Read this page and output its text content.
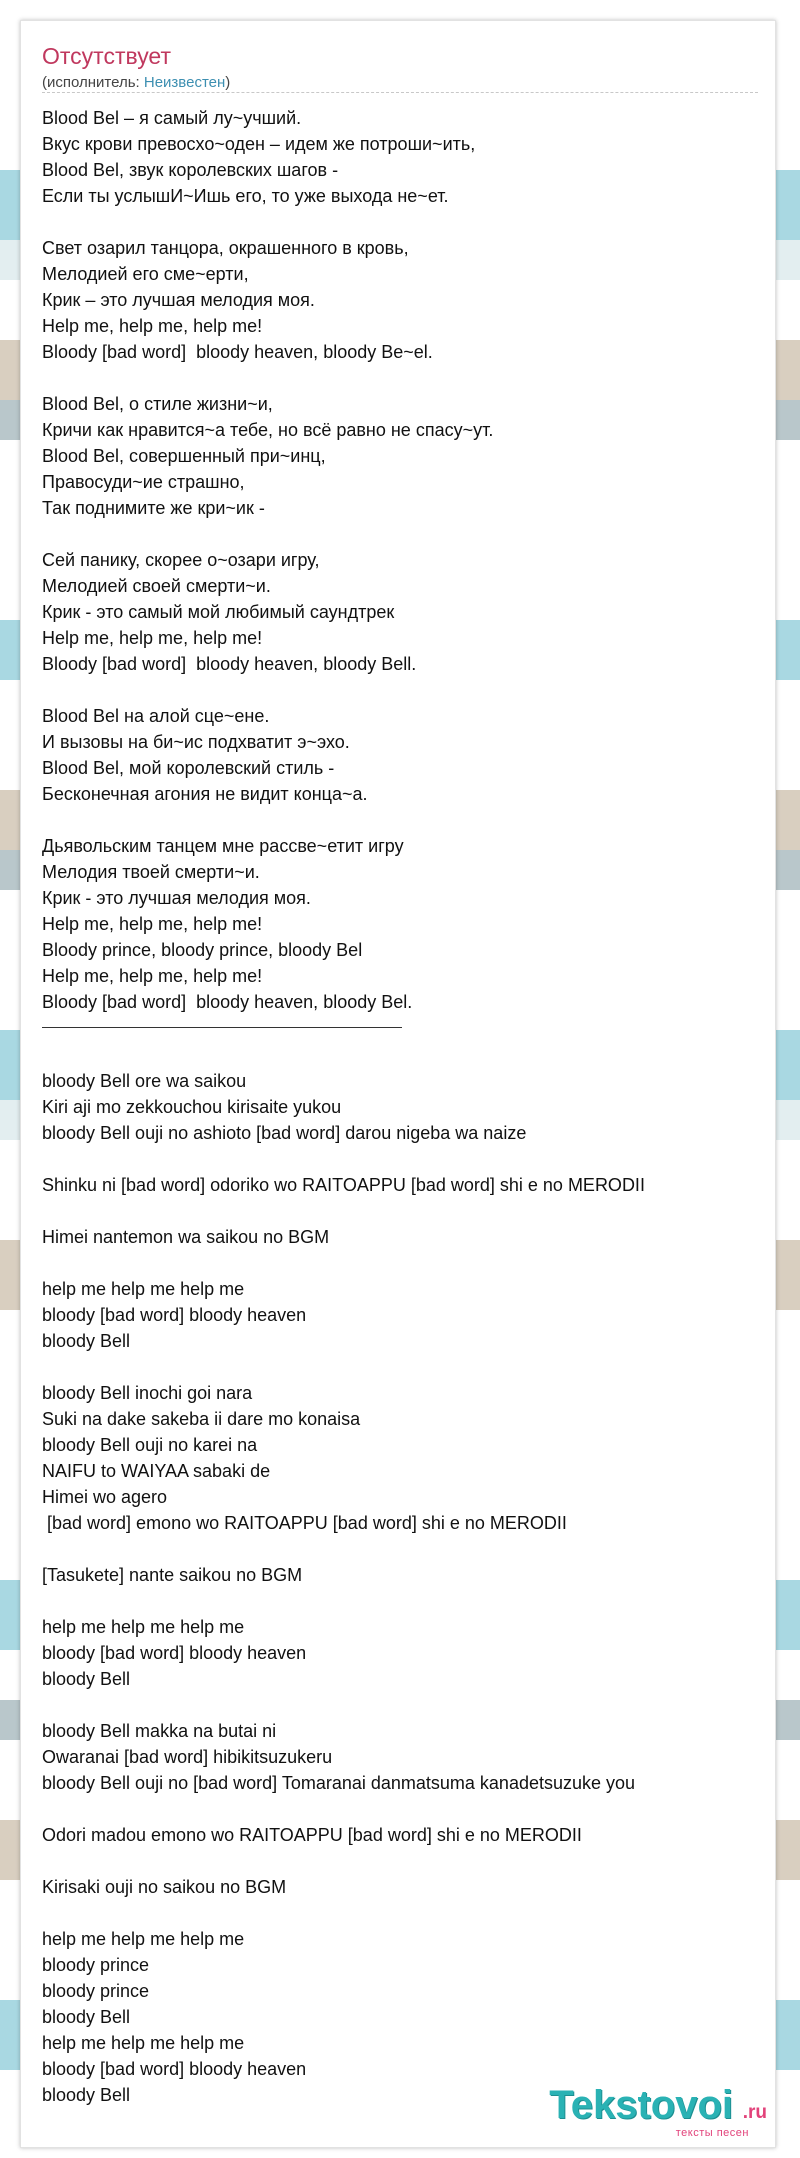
Отсутствует
(исполнитель: Неизвестен)
Blood Bel – я самый лу~учший.
Вкус крови превосхо~оден – идем же потроши~ить,
Blood Bel, звук королевских шагов -
Если ты услышИ~Ишь его, то уже выхода не~ет.
Свет озарил танцора, окрашенного в кровь,
Мелодией его сме~ерти,
Крик – это лучшая мелодия моя.
Help me, help me, help me!
Bloody [bad word]  bloody heaven, bloody Be~el.
Blood Bel, о стиле жизни~и,
Кричи как нравится~а тебе, но всё равно не спасу~ут.
Blood Bel, совершенный при~инц,
Правосуди~ие страшно,
Так поднимите же кри~ик -
Сей панику, скорее о~озари игру,
Мелодией своей смерти~и.
Крик - это самый мой любимый саундтрек
Help me, help me, help me!
Bloody [bad word]  bloody heaven, bloody Bell.
Blood Bel на алой сце~ене.
И вызовы на би~ис подхватит э~эхо.
Blood Bel, мой королевский стиль -
Бесконечная агония не видит конца~а.
Дьявольским танцем мне рассве~етит игру
Мелодия твоей смерти~и.
Крик - это лучшая мелодия моя.
Help me, help me, help me!
Bloody prince, bloody prince, bloody Bel
Help me, help me, help me!
Bloody [bad word]  bloody heaven, bloody Bel.
bloody Bell ore wa saikou
Kiri aji mo zekkouchou kirisaite yukou
bloody Bell ouji no ashioto [bad word] darou nigeba wa naize
Shinku ni [bad word] odoriko wo RAITOAPPU [bad word] shi e no MERODII
Himei nantemon wa saikou no BGM
help me help me help me
bloody [bad word] bloody heaven
bloody Bell
bloody Bell inochi goi nara
Suki na dake sakeba ii dare mo konaisa
bloody Bell ouji no karei na
NAIFU to WAIYAA sabaki de
Himei wo agero
[bad word] emono wo RAITOAPPU [bad word] shi e no MERODII
[Tasukete] nante saikou no BGM
help me help me help me
bloody [bad word] bloody heaven
bloody Bell
bloody Bell makka na butai ni
Owaranai [bad word] hibikitsuzukeru
bloody Bell ouji no [bad word] Tomaranai danmatsuma kanadetsuzuke you
Odori madou emono wo RAITOAPPU [bad word] shi e no MERODII
Kirisaki ouji no saikou no BGM
help me help me help me
bloody prince
bloody prince
bloody Bell
help me help me help me
bloody [bad word] bloody heaven
bloody Bell	Tekstovoi .ru
тексты песен
